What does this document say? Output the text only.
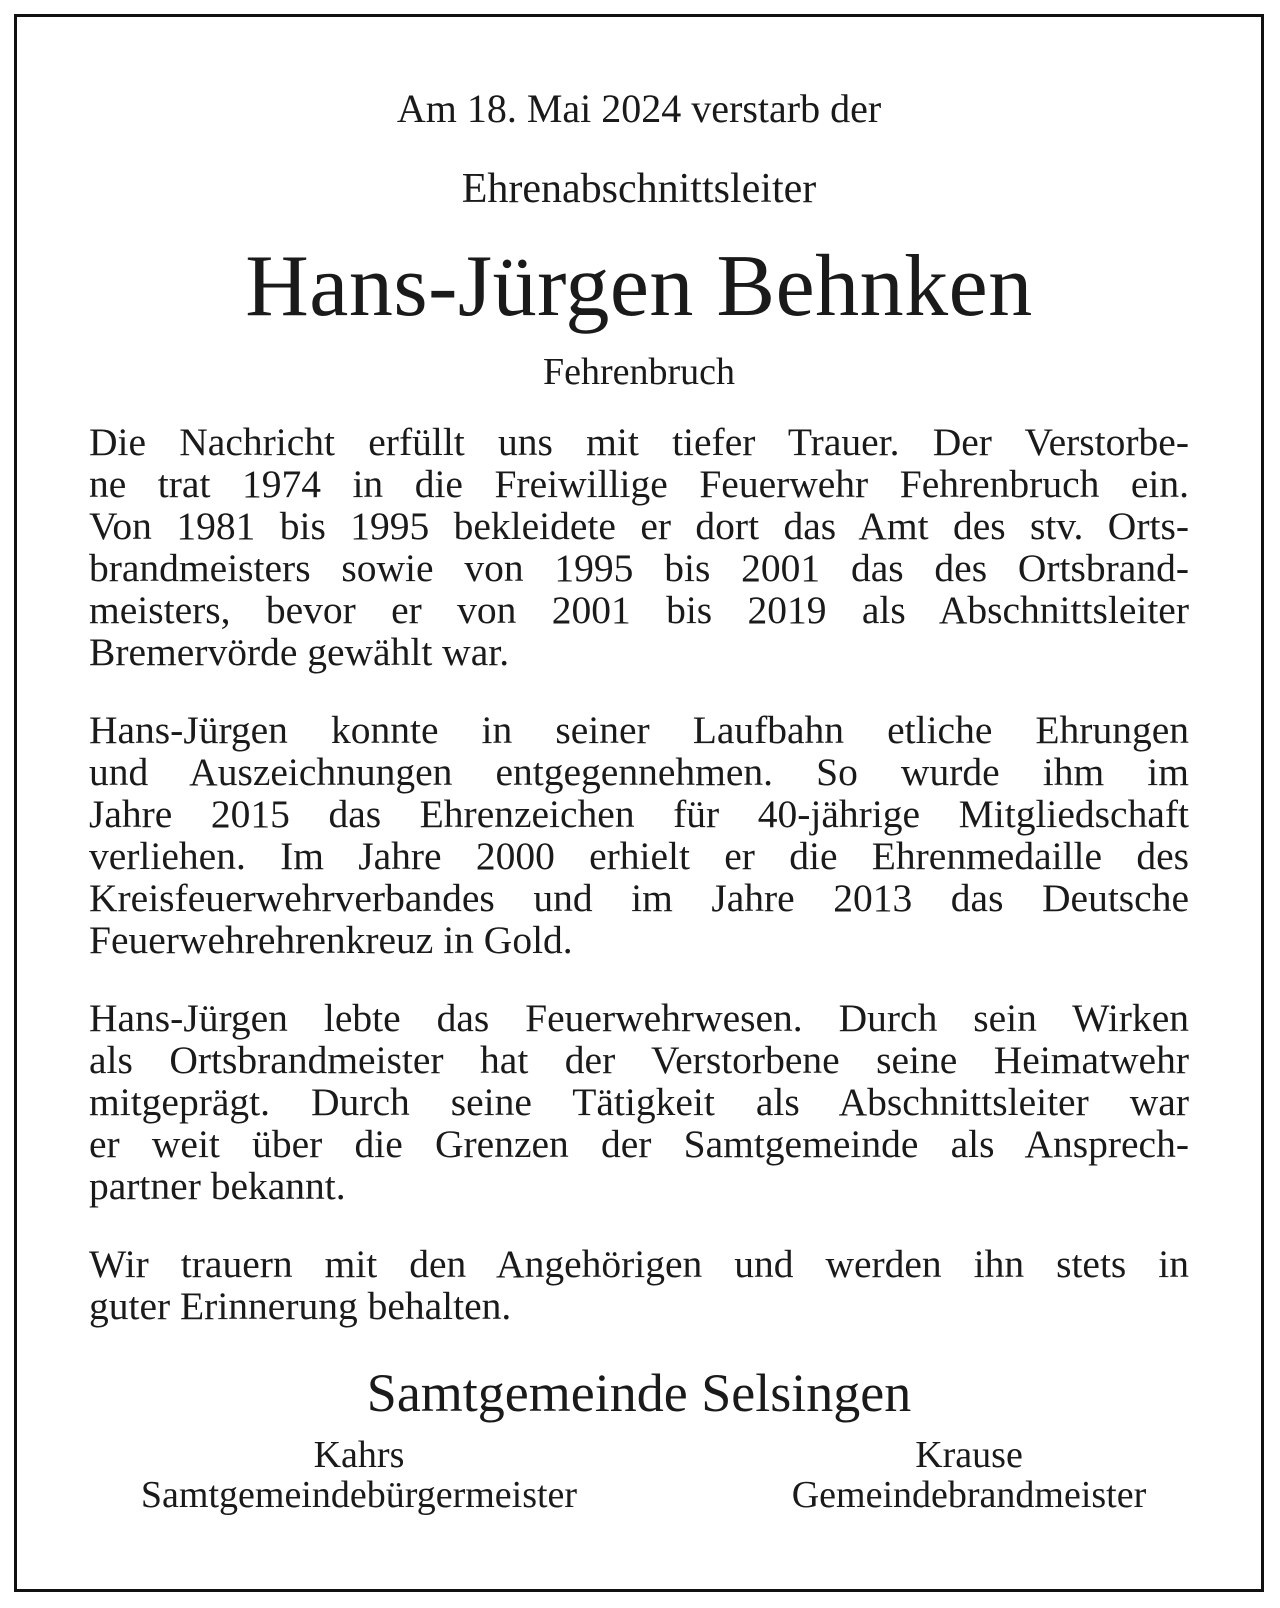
Am 18. Mai 2024 verstarb der
Ehrenabschnittsleiter
Hans-Jürgen Behnken
Fehrenbruch
Die Nachricht erfüllt uns mit tiefer Trauer. Der Verstorbe-
ne trat 1974 in die Freiwillige Feuerwehr Fehrenbruch ein.
Von 1981 bis 1995 bekleidete er dort das Amt des stv. Orts-
brandmeisters sowie von 1995 bis 2001 das des Ortsbrand-
meisters, bevor er von 2001 bis 2019 als Abschnittsleiter
Bremervörde gewählt war.
Hans-Jürgen konnte in seiner Laufbahn etliche Ehrungen
und Auszeichnungen entgegennehmen. So wurde ihm im
Jahre 2015 das Ehrenzeichen für 40-jährige Mitgliedschaft
verliehen. Im Jahre 2000 erhielt er die Ehrenmedaille des
Kreisfeuerwehrverbandes und im Jahre 2013 das Deutsche
Feuerwehrehrenkreuz in Gold.
Hans-Jürgen lebte das Feuerwehrwesen. Durch sein Wirken
als Ortsbrandmeister hat der Verstorbene seine Heimatwehr
mitgeprägt. Durch seine Tätigkeit als Abschnittsleiter war
er weit über die Grenzen der Samtgemeinde als Ansprech-
partner bekannt.
Wir trauern mit den Angehörigen und werden ihn stets in
guter Erinnerung behalten.
Samtgemeinde Selsingen
Kahrs
Samtgemeindebürgermeister
Krause
Gemeindebrandmeister
